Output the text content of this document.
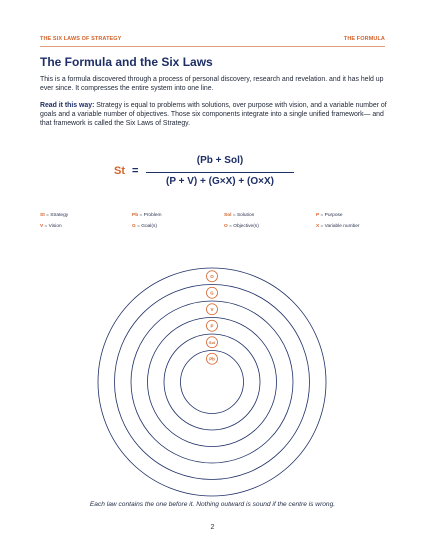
THE SIX LAWS OF STRATEGY	THE FORMULA
The Formula and the Six Laws

This is a formula discovered through a process of personal discovery, research and revelation. and it has held up ever since. It compresses the entire system into one line.

Read it this way: Strategy is equal to problems with solutions, over purpose with vision, and a variable number of goals and a variable number of objectives. Those six components integrate into a single unified framework— and that framework is called the Six Laws of Strategy.

St =
(Pb + Sol)
(P + V) + (G×X) + (O×X)
St = Strategy	Pb = Problem	Sol = Solution	P = Purpose
V = Vision	G = Goal(s)	O = Objective(s)	X = Variable number
Pb
Sol
P
V
G
O

Each law contains the one before it. Nothing outward is sound if the centre is wrong.

2
